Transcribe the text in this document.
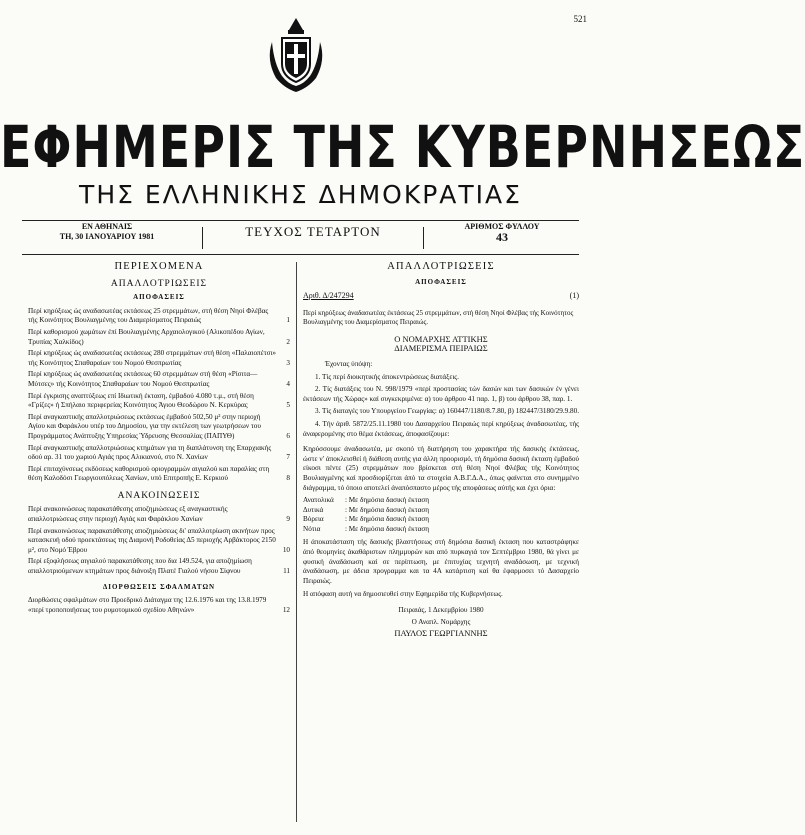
521
ΕΦΗΜΕΡΙΣ ΤΗΣ ΚΥΒΕΡΝΗΣΕΩΣ
ΤΗΣ ΕΛΛΗΝΙΚΗΣ ΔΗΜΟΚΡΑΤΙΑΣ
ΕΝ ΑΘΗΝΑΙΣ
ΤΗ, 30 ΙΑΝΟΥΑΡΙΟΥ 1981	ΤΕΥΧΟΣ ΤΕΤΑΡΤΟΝ	ΑΡΙΘΜΟΣ ΦΥΛΛΟΥ
43
ΠΕΡΙΕΧΟΜΕΝΑ
ΑΠΑΛΛΟΤΡΙΩΣΕΙΣ
ΑΠΟΦΑΣΕΙΣ
Περί κηρύξεως ώς αναδασωτέας εκτάσεως 25 στρεμμάτων, στή θέση Νηοί Φλέβας τής Κοινότητος Βουλιαγμένης του Διαμερίσματος Πειραιώς	1
Περί καθορισμού χωμάτων έπί Βουλιαγμένης Αρχαιολογικού (Αλικοπέδου Αγίων, Τρυπίας Χαλκίδος)	2
Περί κηρύξεως ώς αναδασωτέας εκτάσεως 280 στρεμμάτων στή θέση «Παλαιοπέτσι» τής Κοινότητος Σπαθαραίων του Νομού Θεσπρωτίας	3
Περί κηρύξεως ώς αναδασωτέας εκτάσεως 60 στρεμμάτων στή θέση «Ρίσιτα—Μύτσες» τής Κοινότητος Σπαθαραίων του Νομού Θεσπρωτίας	4
Περί έγκρισης αναπτύξεως επί Ιδιωτική έκταση, έμβαδού 4.080 τ.μ., στή θέση «Γρίζες» ή Σπήλαιο περιφερείας Κοινότητος Άγιου Θεοδώρου Ν. Κερκύρας	5
Περί αναγκαστικής απαλλοτριώσεως εκτάσεως έμβαδού 502,50 μ² στην περιοχή Αγίου και Φαράκλου υπέρ του Δημοσίου, για την εκτέλεση των γεωτρήσεων του Προγράμματος Ανάπτυξης Υπηρεσίας Ύδρευσης Θεσσαλίας (ΠΑΠΥΘ)	6
Περί αναγκαστικής απαλλοτριώσεως κτημάτων για τη διαπλάτυνση της Επαρχιακής οδού αρ. 31 του χωριού Αγιάς προς Αλικιανού, στο Ν. Χανίων	7
Περί επιταχύνσεως εκδόσεως καθορισμού οριογραμμών αιγιαλού και παραλίας στη θέση Καλοδόσι Γεωργιουπόλεως Χανίων, υπό Επιτροπής Ε. Κερκιού	8
ΑΝΑΚΟΙΝΩΣΕΙΣ
Περί ανακοινώσεως παρακατάθεσης αποζημιώσεως εξ αναγκαστικής απαλλοτριώσεως στην περιοχή Αγιάς και Φαράκλου Χανίων	9
Περί ανακοινώσεως παρακατάθεσης αποζημιώσεως δι' απαλλοτρίωση ακινήτων προς κατασκευή οδού προεκτάσεως της Διαμονή Ροδοθείας Δ5 περιοχής Αρβάκτορος 2150 μ², στο Νομό Έβρου	10
Περί εξοφλήσεως αιγιαλού παρακατάθεσης που δια 149.524, για αποζημίωση απαλλοτριούμενων κτημάτων προς διάνοιξη Πλατέ Γιαλού νήσου Σίφνου	11
ΔΙΟΡΘΩΣΕΙΣ ΣΦΑΛΜΑΤΩΝ
Διορθώσεις σφαλμάτων στο Προεδρικό Διάταγμα της 12.6.1976 και της 13.8.1979 «περί τροποποιήσεως του ρυμοτομικού σχεδίου Αθηνών»	12
ΑΠΑΛΛΟΤΡΙΩΣΕΙΣ
ΑΠΟΦΑΣΕΙΣ
Αριθ. Δ/247294	(1)
Περί κηρύξεως άναδασωτέας έκτάσεως 25 στρεμμάτων, στή θέση Νηοί Φλέβας τής Κοινότητος Βουλιαγμένης του Διαμερίσματος Πειραιώς.
Ο ΝΟΜΑΡΧΗΣ ΑΤΤΙΚΗΣ
ΔΙΑΜΕΡΙΣΜΑ ΠΕΙΡΑΙΩΣ
Έχοντας ύπόψη:
1. Τίς περί διοικητικής άποκεντρώσεως διατάξεις.
2. Τίς διατάξεις του Ν. 998/1979 «περί προστασίας τών δασών και των δασικών έν γένει έκτάσεων τής Χώρας» καί συγκεκριμένα: α) του άρθρου 41 παρ. 1, β) του άρθρου 38, παρ. 1.
3. Τίς διαταγές του Υπουργείου Γεωργίας: α) 160447/1180/8.7.80, β) 182447/3180/29.9.80.
4. Τήν άριθ. 5872/25.11.1980 του Δασαρχείου Πειραιώς περί κηρύξεως άναδασωτέας, τής άναφερομένης στο θέμα έκτάσεως, άποφασίζουμε:
Κηρύσσουμε άναδασωτέα, με σκοπό τή διατήρηση του χαρακτήρα τής δασικής έκτάσεως, ώστε ν' άποκλεισθεί ή διάθεση αυτής για άλλη προορισμό, τή δημόσια δασική έκταση έμβαδού είκοσι πέντε (25) στρεμμάτων που βρίσκεται στή θέση Νηοί Φλέβας τής Κοινότητος Βουλιαγμένης καί προσδιορίζεται άπό τα στοιχεία Α.Β.Γ.Δ.Α., όπως φαίνεται στο συνημμένο διάγραμμα, τό όποιο αποτελεί άναπόσπαστο μέρος τής αποφάσεως αύτής και έχει όρια:
Ανατολικά	: Με δημόσια δασική έκταση
Δυτικά	: Με δημόσια δασική έκταση
Βόρεια	: Με δημόσια δασική έκταση
Νότια	: Με δημόσια δασική έκταση
Η άποκατάσταση τής δασικής βλαστήσεως στή δημόσια δασική έκταση που καταστράφηκε άπό θεομηνίες άκαθάριστων πλημμυρών και από πυρκαγιά τον Σεπτέμβριο 1980, θά γίνει με φυσική άναδάσωση καί σε περίπτωση, με έπιτυχίας τεχνητή αναδάσωση, με τεχνική άναδάσωση, με άδεια προγραμμα και τα 4Α κατάρτιση καί θα έφαρμοσει τό Δασαρχείο Πειραιώς.
Η απόφαση αυτή να δημοσιευθεί στην Εφημερίδα τής Κυβερνήσεως.
Πειραιάς, 1 Δεκεμβρίου 1980
Ο Αναπλ. Νομάρχης
ΠΑΥΛΟΣ ΓΕΩΡΓΙΑΝΝΗΣ
